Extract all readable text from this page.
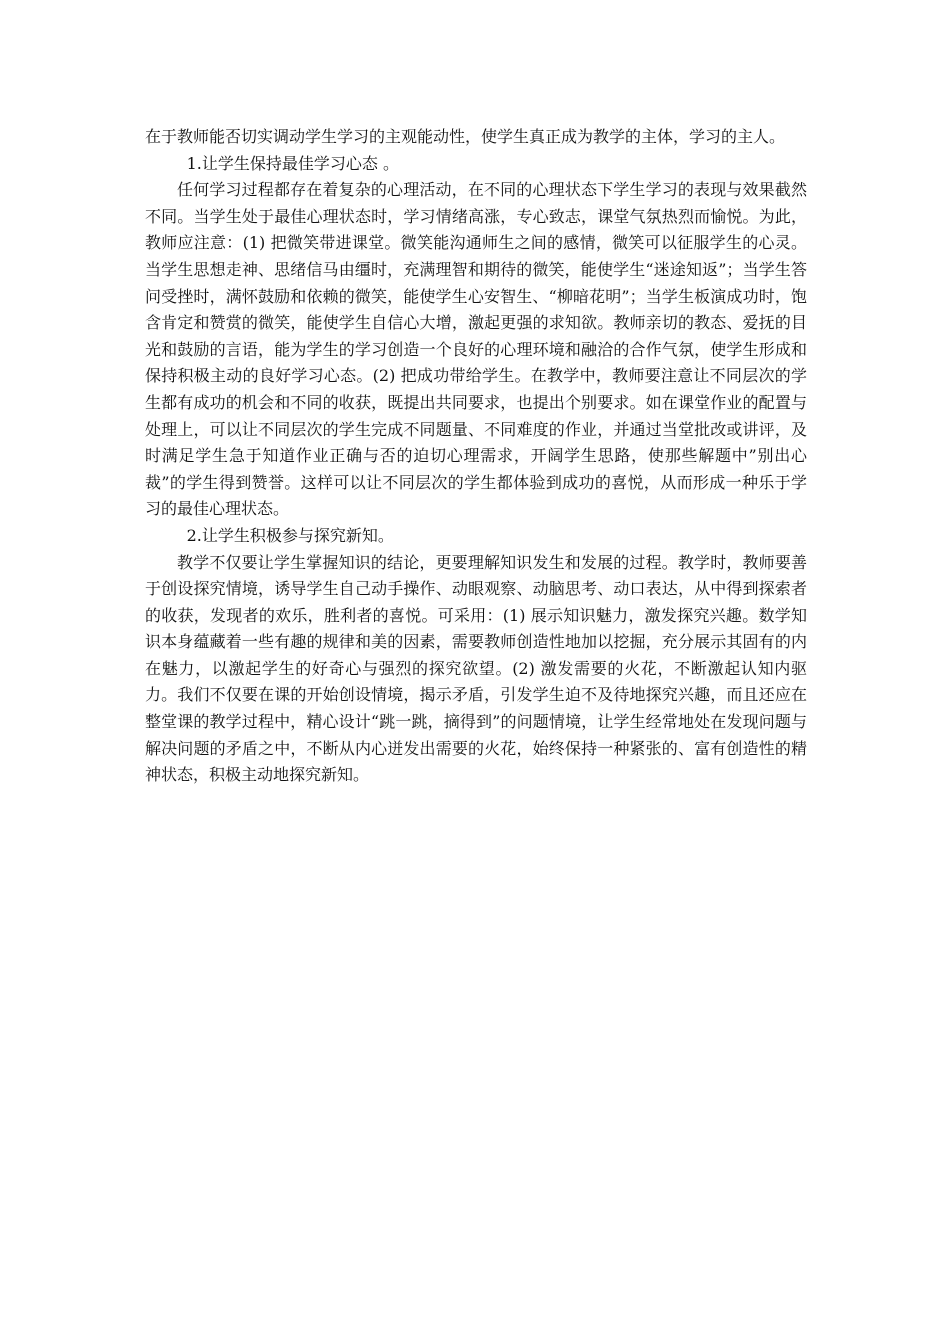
在于教师能否切实调动学生学习的主观能动性，使学生真正成为教学的主体，学习的主人。

1.让学生保持最佳学习心态 。

任何学习过程都存在着复杂的心理活动，在不同的心理状态下学生学习的表现与效果截然不同。当学生处于最佳心理状态时，学习情绪高涨，专心致志，课堂气氛热烈而愉悦。为此，教师应注意：(1) 把微笑带进课堂。微笑能沟通师生之间的感情，微笑可以征服学生的心灵。当学生思想走神、思绪信马由缰时，充满理智和期待的微笑，能使学生“迷途知返”；当学生答问受挫时，满怀鼓励和依赖的微笑，能使学生心安智生、“柳暗花明”；当学生板演成功时，饱含肯定和赞赏的微笑，能使学生自信心大增，激起更强的求知欲。教师亲切的教态、爱抚的目光和鼓励的言语，能为学生的学习创造一个良好的心理环境和融洽的合作气氛，使学生形成和保持积极主动的良好学习心态。(2) 把成功带给学生。在教学中，教师要注意让不同层次的学生都有成功的机会和不同的收获，既提出共同要求，也提出个别要求。如在课堂作业的配置与处理上，可以让不同层次的学生完成不同题量、不同难度的作业，并通过当堂批改或讲评，及时满足学生急于知道作业正确与否的迫切心理需求，开阔学生思路，使那些解题中”别出心裁”的学生得到赞誉。这样可以让不同层次的学生都体验到成功的喜悦，从而形成一种乐于学习的最佳心理状态。

2.让学生积极参与探究新知。

教学不仅要让学生掌握知识的结论，更要理解知识发生和发展的过程。教学时，教师要善于创设探究情境，诱导学生自己动手操作、动眼观察、动脑思考、动口表达，从中得到探索者的收获，发现者的欢乐，胜利者的喜悦。可采用：(1) 展示知识魅力，激发探究兴趣。数学知识本身蕴藏着一些有趣的规律和美的因素，需要教师创造性地加以挖掘，充分展示其固有的内在魅力，以激起学生的好奇心与强烈的探究欲望。(2) 激发需要的火花，不断激起认知内驱力。我们不仅要在课的开始创设情境，揭示矛盾，引发学生迫不及待地探究兴趣，而且还应在整堂课的教学过程中，精心设计“跳一跳，摘得到”的问题情境，让学生经常地处在发现问题与解决问题的矛盾之中，不断从内心迸发出需要的火花，始终保持一种紧张的、富有创造性的精神状态，积极主动地探究新知。
